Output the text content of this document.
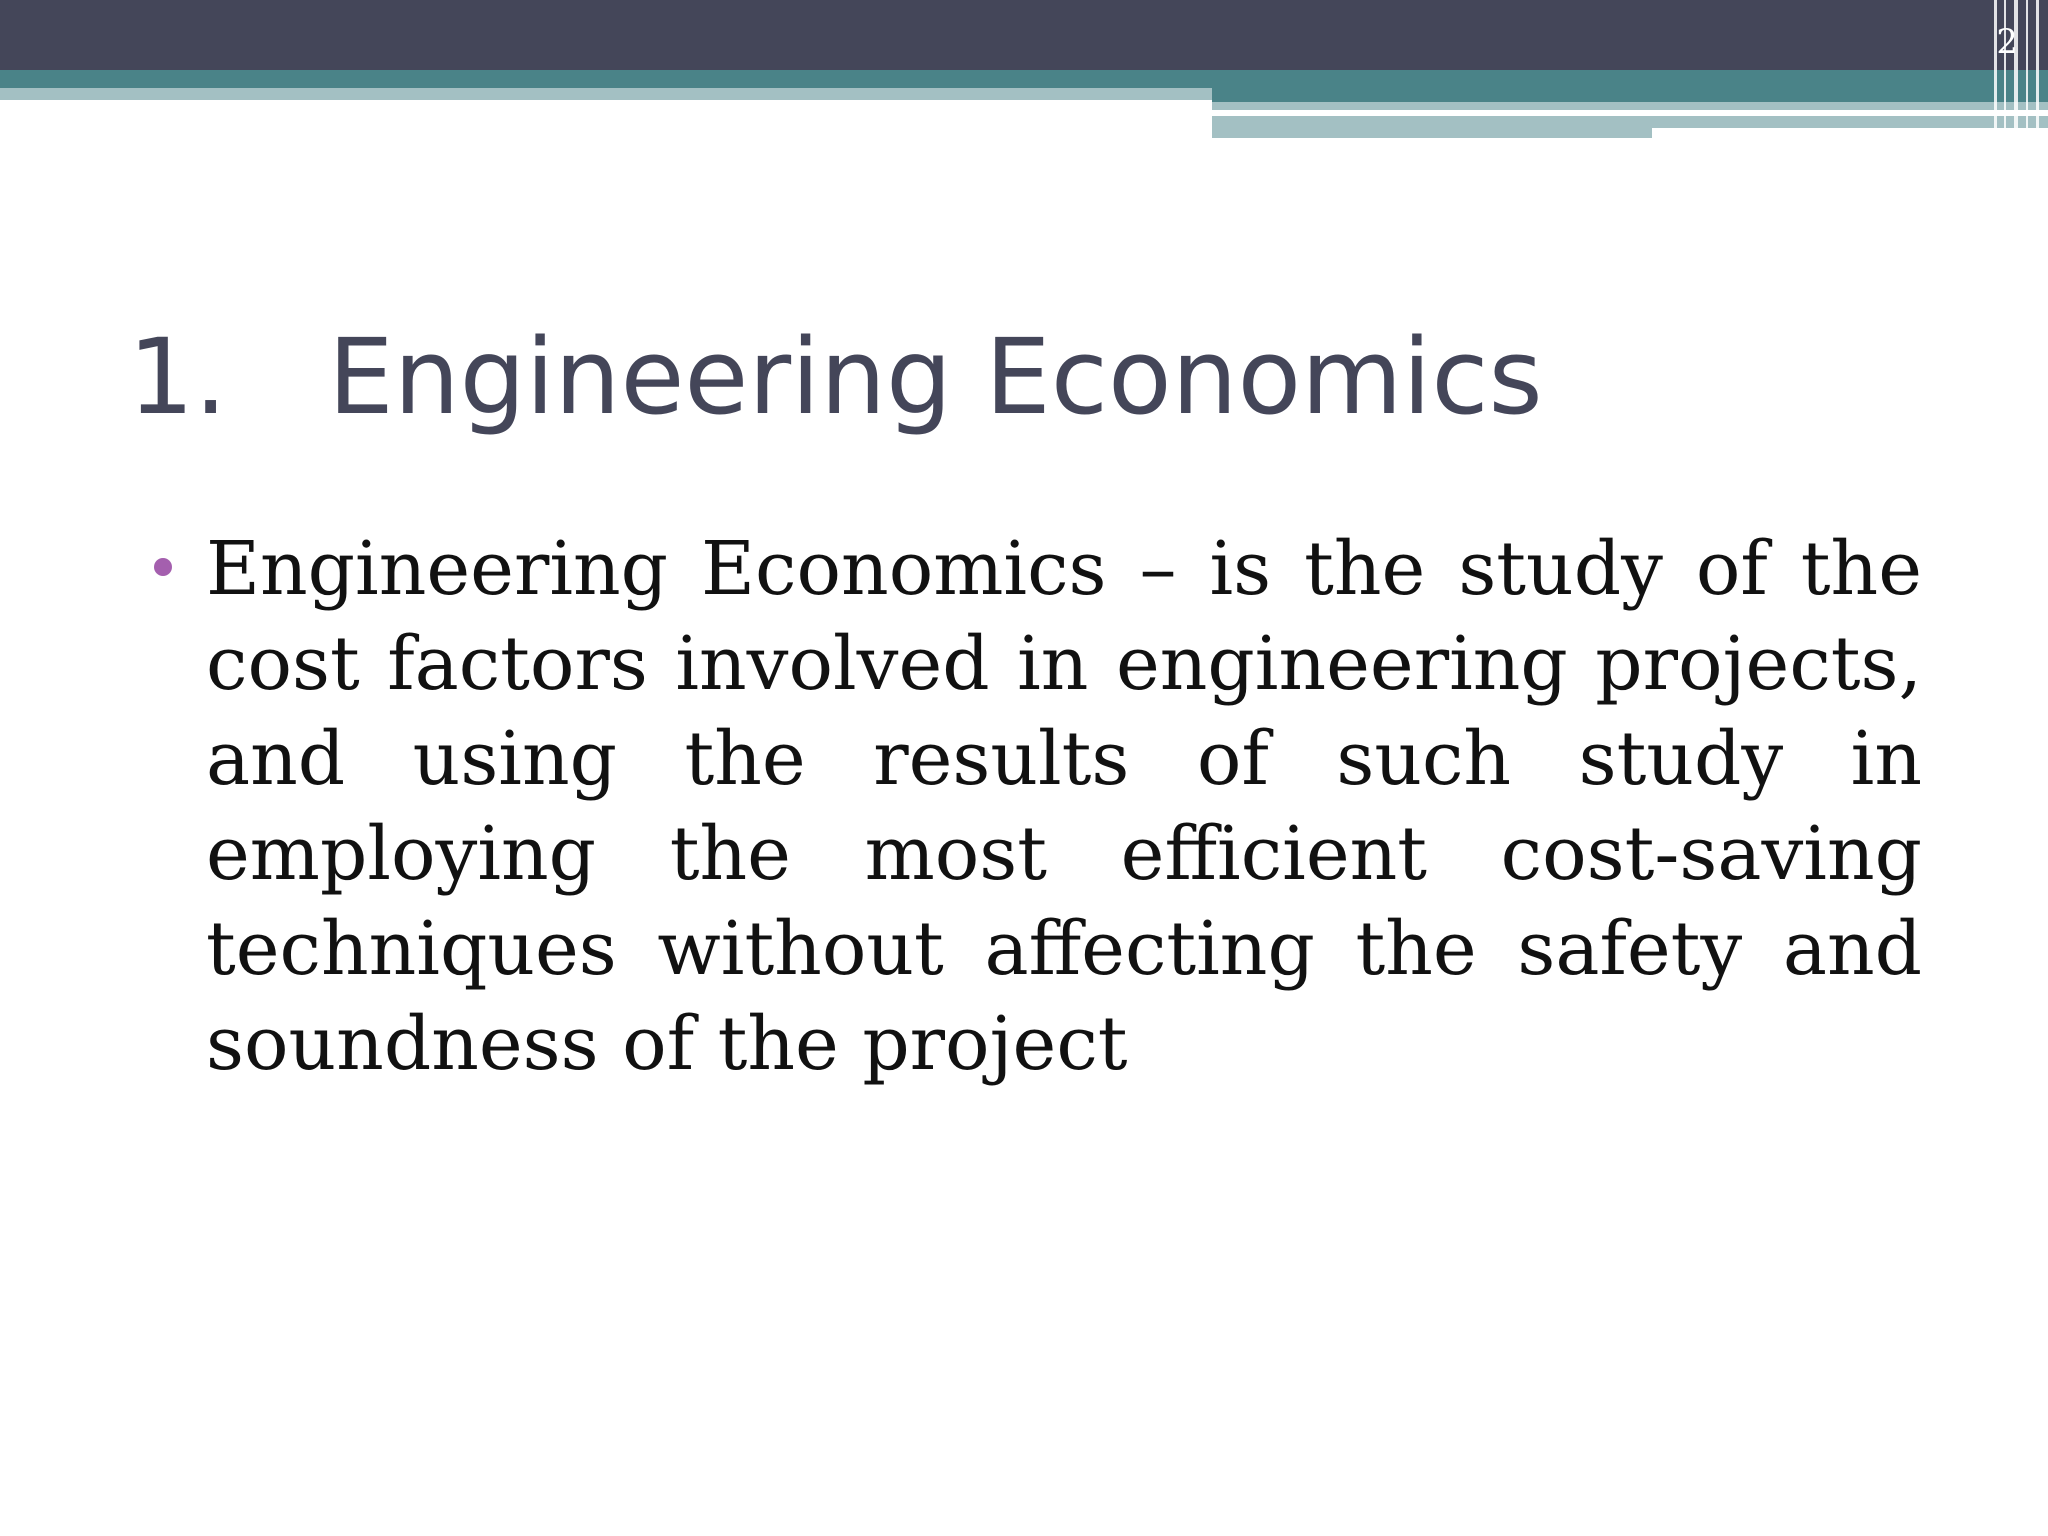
2
1. Engineering Economics
Engineering Economics – is the study of the cost factors involved in engineering projects, and using the results of such study in employing the most efficient cost-saving techniques without affecting the safety and soundness of the project
